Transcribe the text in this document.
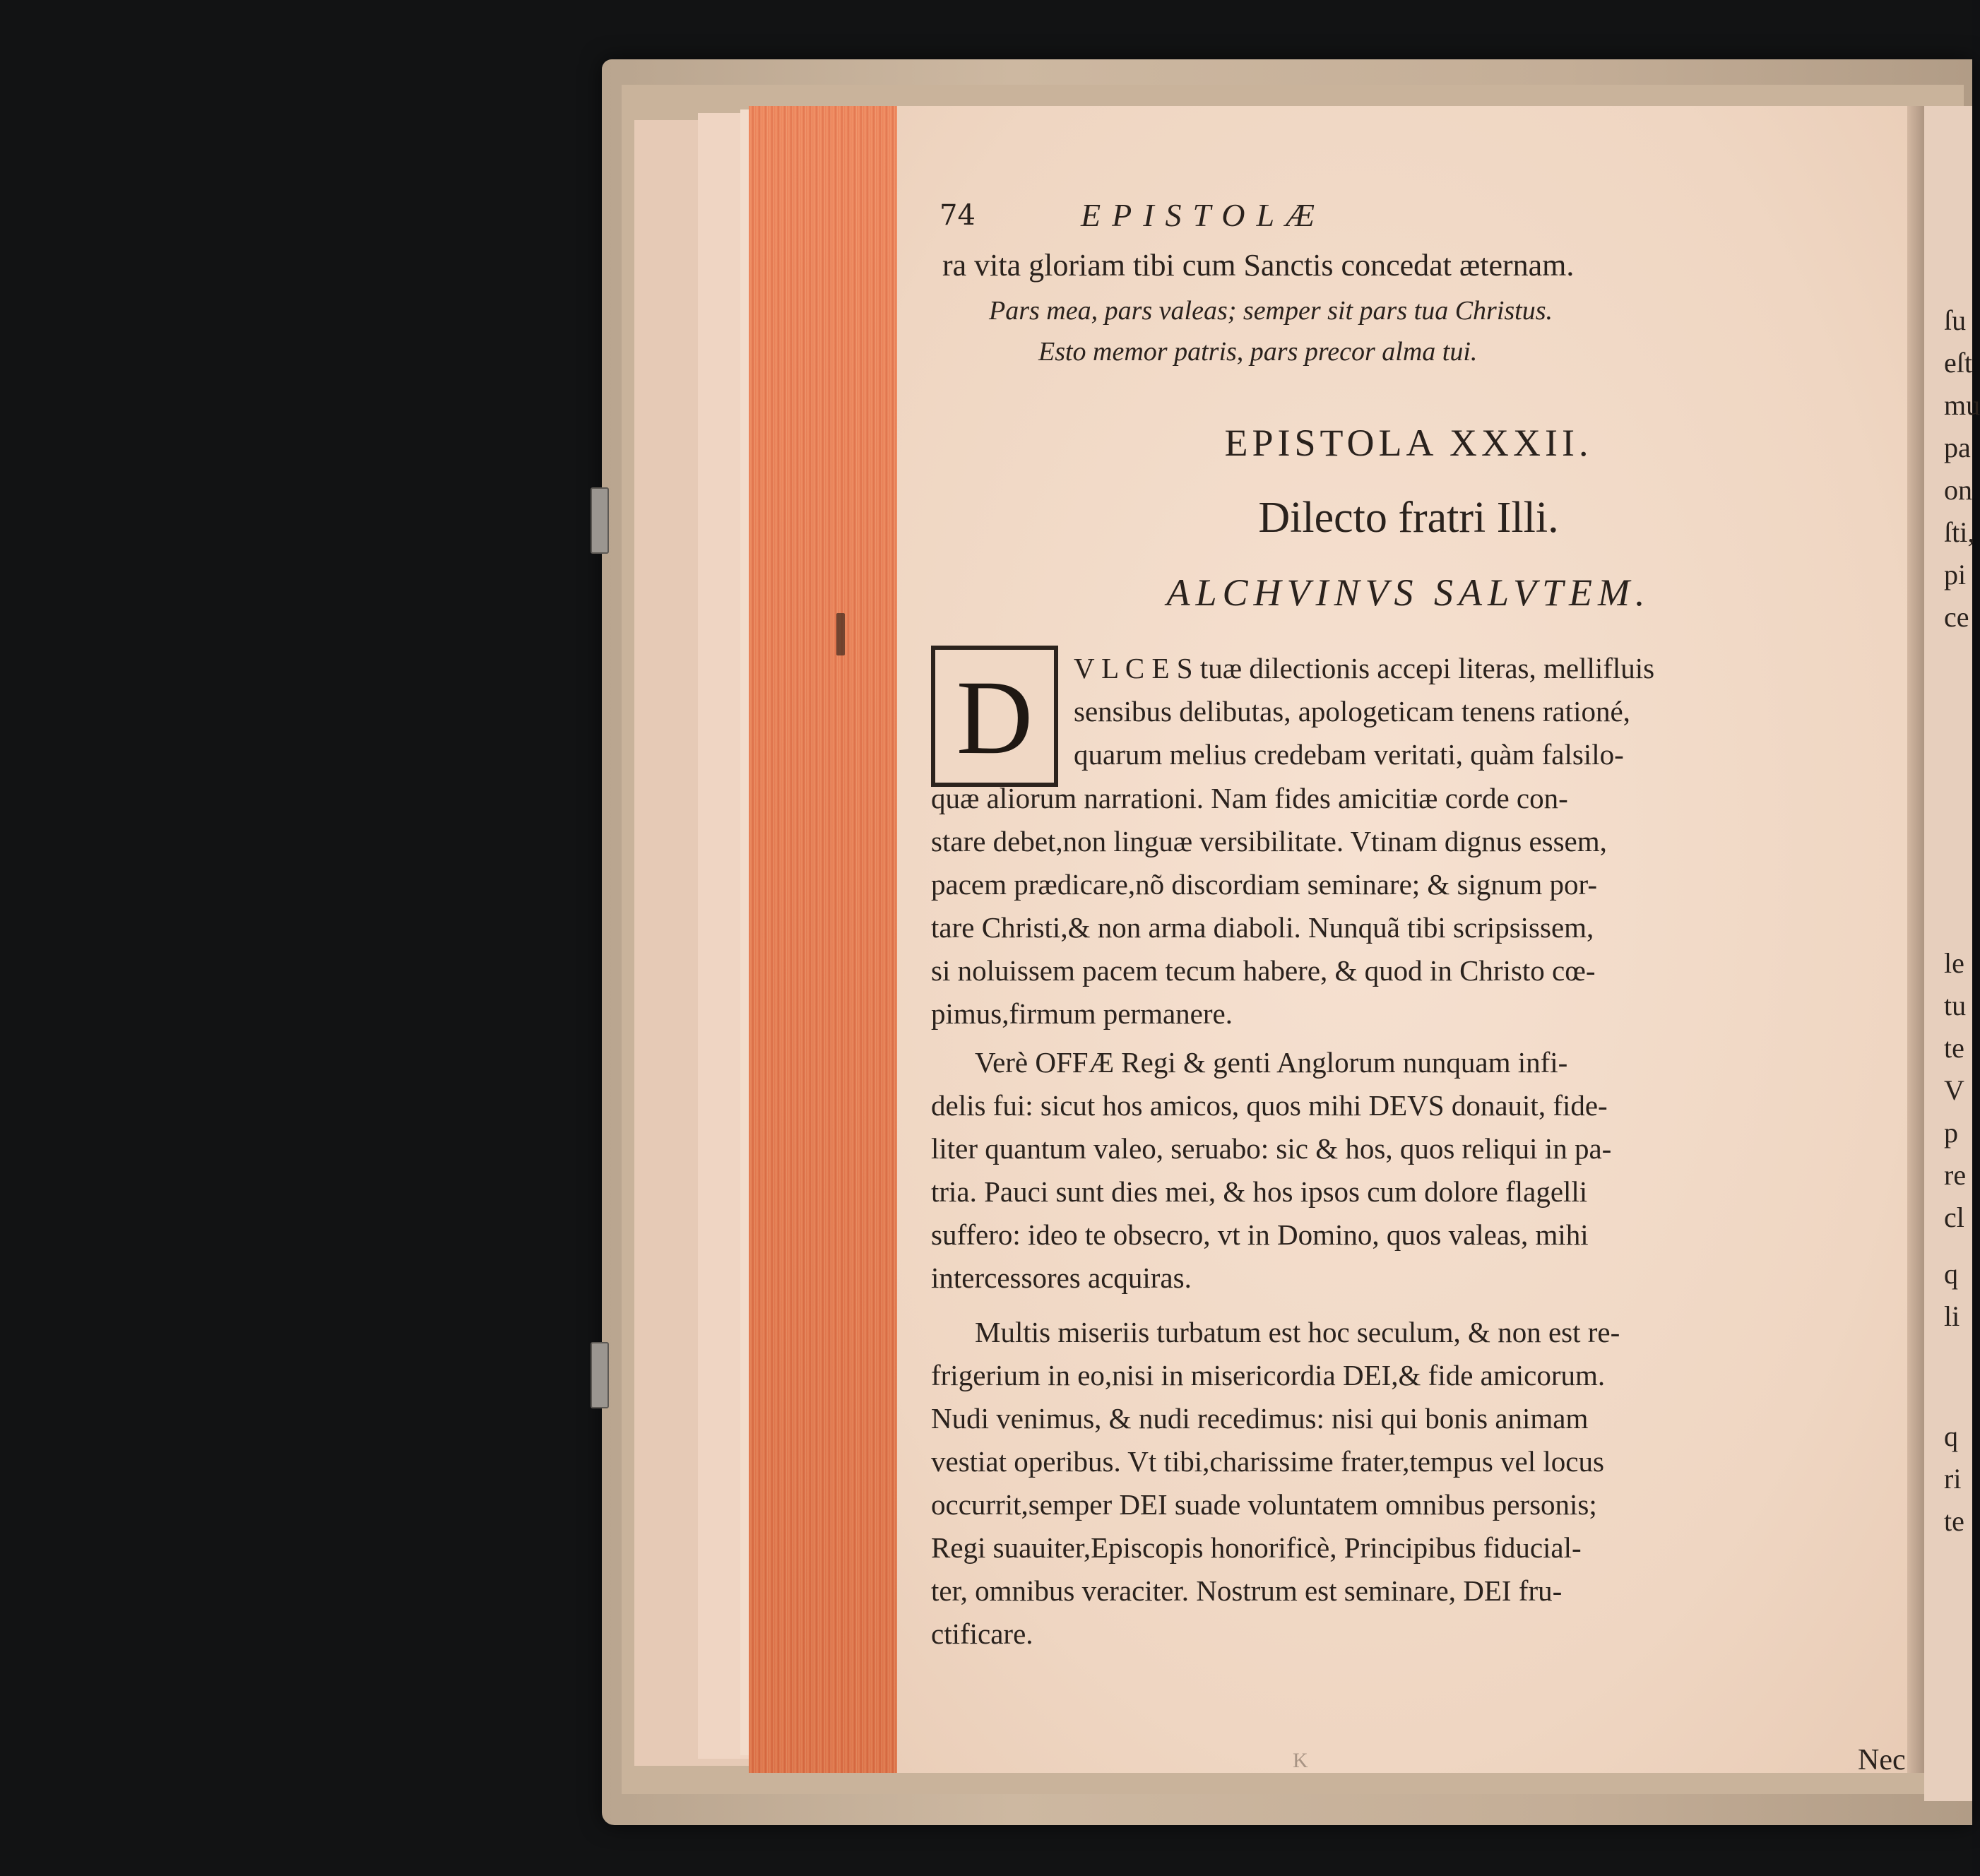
74	EPISTOLÆ
ra vita gloriam tibi cum Sanctis concedat æternam.
Pars mea, pars valeas; semper sit pars tua Christus.
Esto memor patris, pars precor alma tui.
EPISTOLA XXXII.
Dilecto fratri Illi.
ALCHVINVS SALVTEM.
D	V L C E S tuæ dilectionis accepi literas, mellifluis
sensibus delibutas, apologeticam tenens rationé,
quarum melius credebam veritati, quàm falsilo-
quæ aliorum narrationi. Nam fides amicitiæ corde con-
stare debet,non linguæ versibilitate. Vtinam dignus essem,
pacem prædicare,nõ discordiam seminare; & signum por-
tare Christi,& non arma diaboli. Nunquã tibi scripsissem,
si noluissem pacem tecum habere, & quod in Christo cœ-
pimus,firmum permanere.
Verè OFFÆ Regi & genti Anglorum nunquam infi-
delis fui: sicut hos amicos, quos mihi DEVS donauit, fide-
liter quantum valeo, seruabo: sic & hos, quos reliqui in pa-
tria. Pauci sunt dies mei, & hos ipsos cum dolore flagelli
suffero: ideo te obsecro, vt in Domino, quos valeas, mihi
intercessores acquiras.
Multis miseriis turbatum est hoc seculum, & non est re-
frigerium in eo,nisi in misericordia DEI,& fide amicorum.
Nudi venimus, & nudi recedimus: nisi qui bonis animam
vestiat operibus. Vt tibi,charissime frater,tempus vel locus
occurrit,semper DEI suade voluntatem omnibus personis;
Regi suauiter,Episcopis honorificè, Principibus fiducial-
ter, omnibus veraciter. Nostrum est seminare, DEI fru-
ctificare.
K	Nec
ſu
eſt
mu
pa
on
ſti,
pi
ce
le
tu
te
V
p
re
cl
q
li
q
ri
te
